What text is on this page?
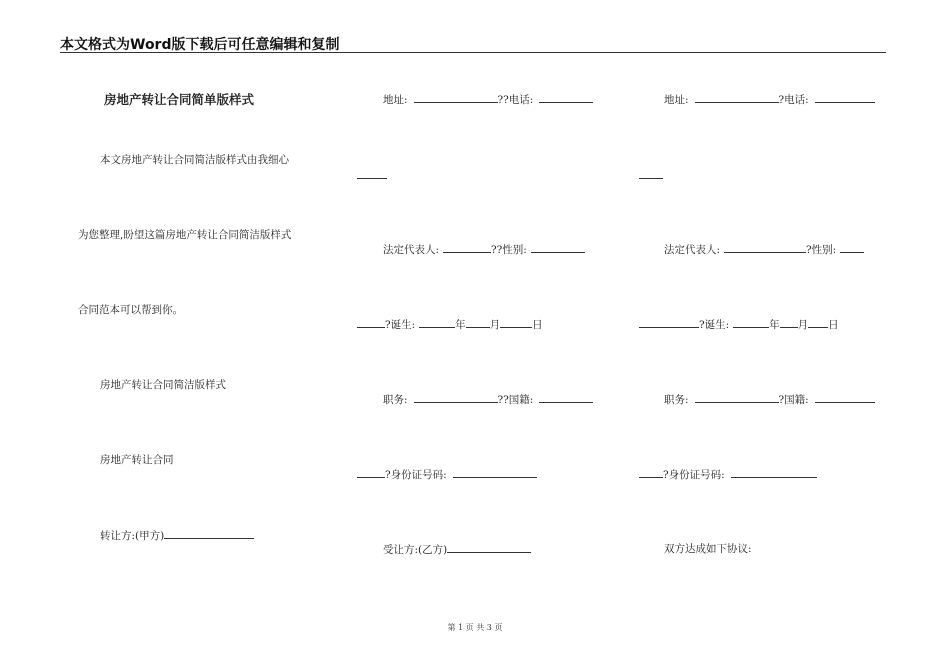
本文格式为Word版下载后可任意编辑和复制
房地产转让合同简单版样式
本文房地产转让合同简洁版样式由我细心
为您整理,盼望这篇房地产转让合同简洁版样式
合同范本可以帮到你。
房地产转让合同简洁版样式
房地产转让合同
转让方:(甲方)
地址:	??电话:
法定代表人:	??性别:
?诞生:	年 月	日
职务:	??国籍:
?身份证号码:
受让方:(乙方)
地址:	?电话:
法定代表人:	?性别:
?诞生:	年 月 日
职务:	?国籍:
?身份证号码:
双方达成如下协议:
第 1 页 共 3 页
